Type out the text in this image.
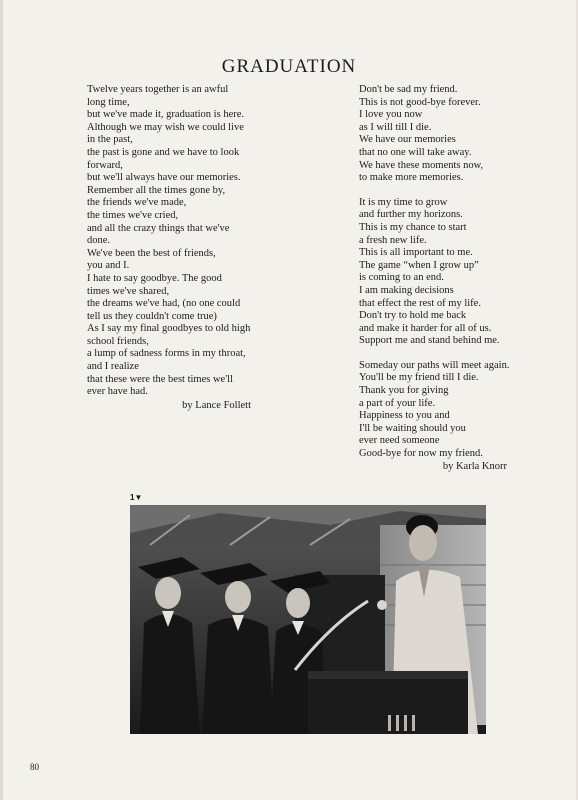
GRADUATION
Twelve years together is an awful
long time,
but we've made it, graduation is here.
Although we may wish we could live
in the past,
the past is gone and we have to look
forward,
but we'll always have our memories.
Remember all the times gone by,
the friends we've made,
the times we've cried,
and all the crazy things that we've
done.
We've been the best of friends,
you and I.
I hate to say goodbye. The good
times we've shared,
the dreams we've had, (no one could
tell us they couldn't come true)
As I say my final goodbyes to old high
school friends,
a lump of sadness forms in my throat,
and I realize
that these were the best times we'll
ever have had.
by Lance Follett
Don't be sad my friend.
This is not good-bye forever.
I love you now
as I will till I die.
We have our memories
that no one will take away.
We have these moments now,
to make more memories.
It is my time to grow
and further my horizons.
This is my chance to start
a fresh new life.
This is all important to me.
The game “when I grow up”
is coming to an end.
I am making decisions
that effect the rest of my life.
Don't try to hold me back
and make it harder for all of us.
Support me and stand behind me.
Someday our paths will meet again.
You'll be my friend till I die.
Thank you for giving
a part of your life.
Happiness to you and
I'll be waiting should you
ever need someone
Good-bye for now my friend.
by Karla Knorr
1▼
80
